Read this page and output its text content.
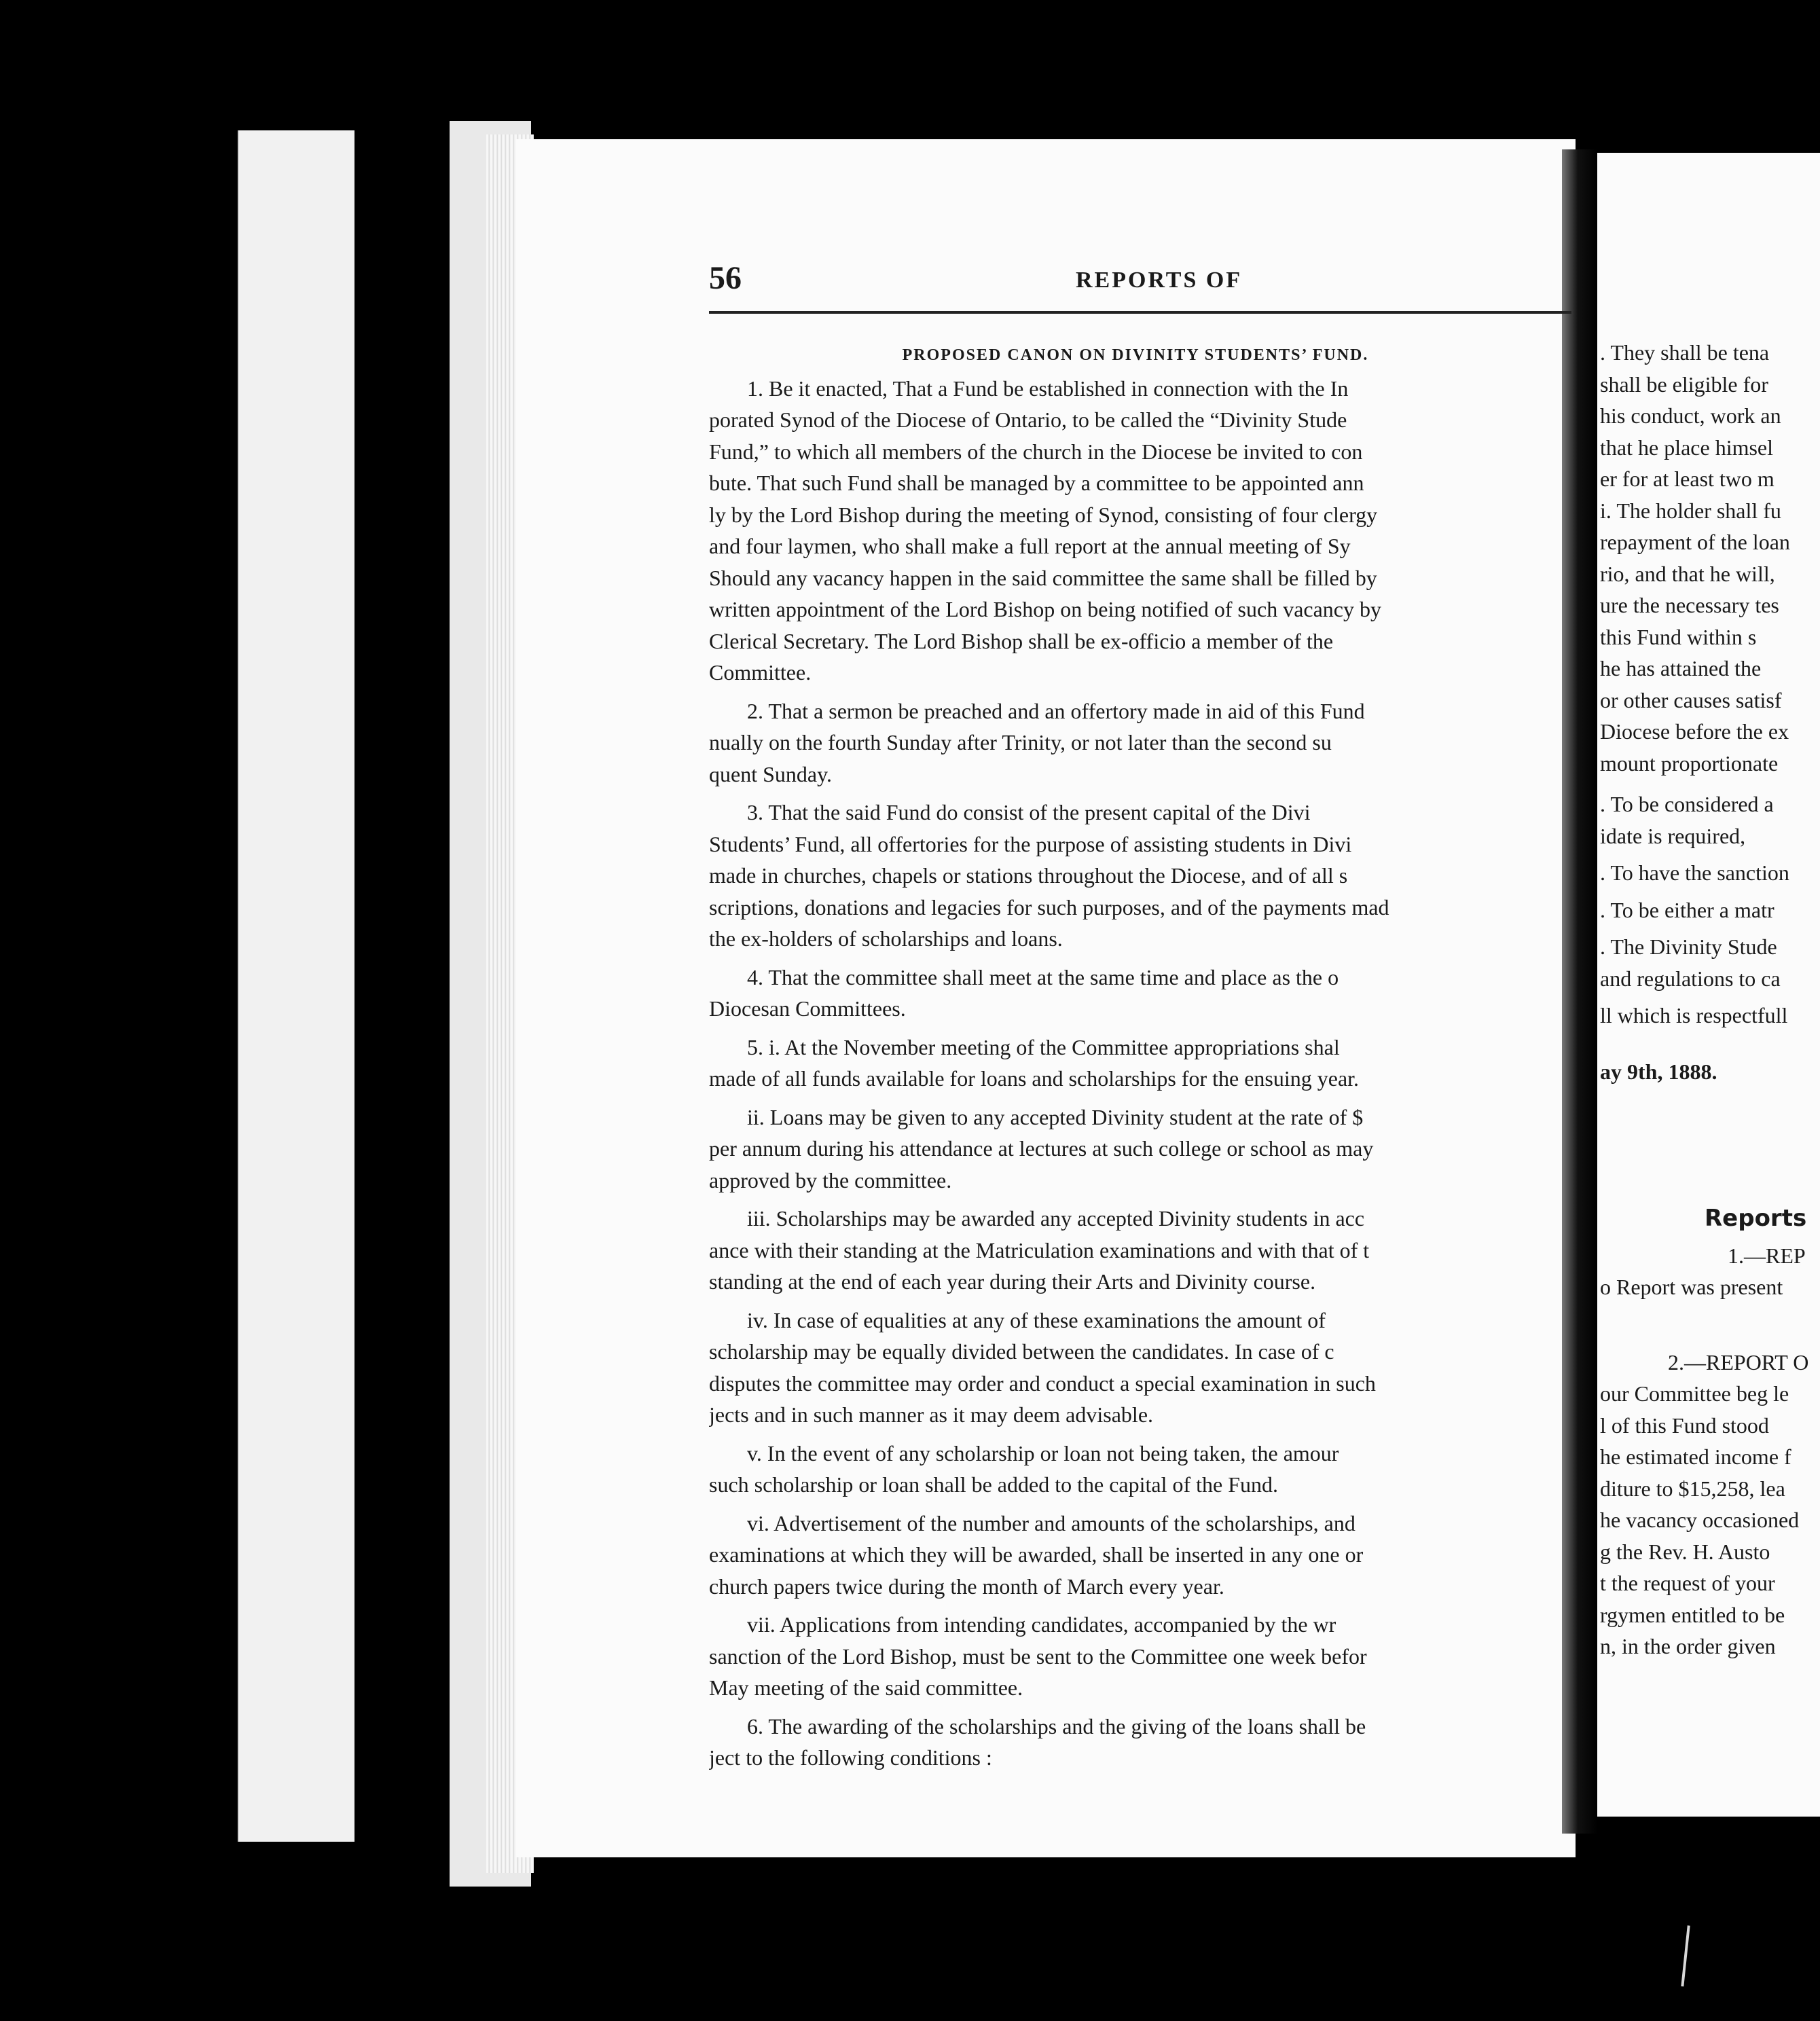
56	REPORTS OF

PROPOSED CANON ON DIVINITY STUDENTS’ FUND.

1. Be it enacted, That a Fund be established in connection with the In

porated Synod of the Diocese of Ontario, to be called the “Divinity Stude

Fund,” to which all members of the church in the Diocese be invited to con

bute. That such Fund shall be managed by a committee to be appointed ann

ly by the Lord Bishop during the meeting of Synod, consisting of four clergy

and four laymen, who shall make a full report at the annual meeting of Sy

Should any vacancy happen in the said committee the same shall be filled by

written appointment of the Lord Bishop on being notified of such vacancy by

Clerical Secretary. The Lord Bishop shall be ex-officio a member of the

Committee.

2. That a sermon be preached and an offertory made in aid of this Fund

nually on the fourth Sunday after Trinity, or not later than the second su

quent Sunday.

3. That the said Fund do consist of the present capital of the Divi

Students’ Fund, all offertories for the purpose of assisting students in Divi

made in churches, chapels or stations throughout the Diocese, and of all s

scriptions, donations and legacies for such purposes, and of the payments mad

the ex-holders of scholarships and loans.

4. That the committee shall meet at the same time and place as the o

Diocesan Committees.

5. i. At the November meeting of the Committee appropriations shal

made of all funds available for loans and scholarships for the ensuing year.

ii. Loans may be given to any accepted Divinity student at the rate of $

per annum during his attendance at lectures at such college or school as may

approved by the committee.

iii. Scholarships may be awarded any accepted Divinity students in acc

ance with their standing at the Matriculation examinations and with that of t

standing at the end of each year during their Arts and Divinity course.

iv. In case of equalities at any of these examinations the amount of

scholarship may be equally divided between the candidates. In case of c

disputes the committee may order and conduct a special examination in such

jects and in such manner as it may deem advisable.

v. In the event of any scholarship or loan not being taken, the amour

such scholarship or loan shall be added to the capital of the Fund.

vi. Advertisement of the number and amounts of the scholarships, and

examinations at which they will be awarded, shall be inserted in any one or

church papers twice during the month of March every year.

vii. Applications from intending candidates, accompanied by the wr

sanction of the Lord Bishop, must be sent to the Committee one week befor

May meeting of the said committee.

6. The awarding of the scholarships and the giving of the loans shall be

ject to the following conditions :

. They shall be tena
shall be eligible for
his conduct, work an
that he place himsel
er for at least two m
i. The holder shall fu
repayment of the loan
rio, and that he will,
ure the necessary tes
this Fund within s
he has attained the
or other causes satisf
Diocese before the ex
mount proportionate
. To be considered a
idate is required,
. To have the sanction
. To be either a matr
. The Divinity Stude
and regulations to ca
ll which is respectfull
ay 9th, 1888.
Reports
1.—REP
o Report was present
2.—REPORT O
our Committee beg le
l of this Fund stood
he estimated income f
diture to $15,258, lea
he vacancy occasioned
g the Rev. H. Austo
t the request of your
rgymen entitled to be
n, in the order given
